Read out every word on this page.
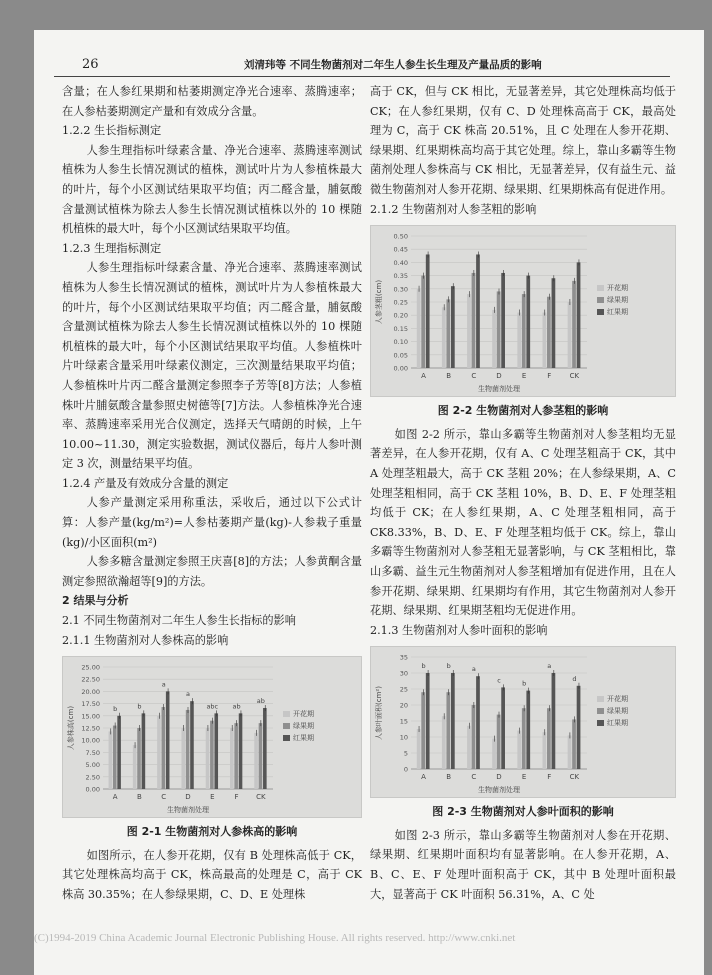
26	刘清玮等 不同生物菌剂对二年生人参生长生理及产量品质的影响

含量；在人参红果期和枯萎期测定净光合速率、蒸腾速率；在人参枯萎期测定产量和有效成分含量。

1.2.2 生长指标测定

人参生理指标叶绿素含量、净光合速率、蒸腾速率测试植株为人参生长情况测试的植株，测试叶片为人参植株最大的叶片，每个小区测试结果取平均值；丙二醛含量，脯氨酸含量测试植株为除去人参生长情况测试植株以外的 10 棵随机植株的最大叶，每个小区测试结果取平均值。

1.2.3 生理指标测定

人参生理指标叶绿素含量、净光合速率、蒸腾速率测试植株为人参生长情况测试的植株，测试叶片为人参植株最大的叶片，每个小区测试结果取平均值；丙二醛含量，脯氨酸含量测试植株为除去人参生长情况测试植株以外的 10 棵随机植株的最大叶，每个小区测试结果取平均值。人参植株叶片叶绿素含量采用叶绿素仪测定，三次测量结果取平均值；人参植株叶片丙二醛含量测定参照李子芳等[8]方法；人参植株叶片脯氨酸含量参照史树德等[7]方法。人参植株净光合速率、蒸腾速率采用光合仪测定，选择天气晴朗的时候，上午 10.00~11.30，测定实验数据，测试仪器后，每片人参叶测定 3 次，测量结果平均值。

1.2.4 产量及有效成分含量的测定

人参产量测定采用称重法，采收后，通过以下公式计算：人参产量(kg/m²)=人参枯萎期产量(kg)-人参栽子重量(kg)/小区面积(m²)

人参多糖含量测定参照王庆喜[8]的方法；人参黄酮含量测定参照欲瀚超等[9]的方法。

2 结果与分析

2.1 不同生物菌剂对二年生人参生长指标的影响

2.1.1 生物菌剂对人参株高的影响

0.00
2.50
5.00
7.50
10.00
12.50
15.00
17.50
20.00
22.50
25.00
b
A
b
B
a
C
a
D
abc
E
ab
F
ab
CK
生物菌剂处理
人参株高(cm)	开花期
绿果期
红果期

图 2-1 生物菌剂对人参株高的影响

如图所示，在人参开花期，仅有 B 处理株高低于 CK，其它处理株高均高于 CK，株高最高的处理是 C，高于 CK 株高 30.35%；在人参绿果期，C、D、E 处理株

高于 CK，但与 CK 相比，无显著差异，其它处理株高均低于 CK；在人参红果期，仅有 C、D 处理株高高于 CK，最高处理为 C，高于 CK 株高 20.51%，且 C 处理在人参开花期、绿果期、红果期株高均高于其它处理。综上，靠山多霸等生物菌剂处理人参株高与 CK 相比，无显著差异，仅有益生元、益微生物菌剂对人参开花期、绿果期、红果期株高有促进作用。

2.1.2 生物菌剂对人参茎粗的影响

0.00
0.05
0.10
0.15
0.20
0.25
0.30
0.35
0.40
0.45
0.50
A	B	C	D	E	F	CK
生物菌剂处理
人参茎粗(cm)	开花期
绿果期
红果期

图 2-2 生物菌剂对人参茎粗的影响

如图 2-2 所示，靠山多霸等生物菌剂对人参茎粗均无显著差异，在人参开花期，仅有 A、C 处理茎粗高于 CK，其中 A 处理茎粗最大，高于 CK 茎粗 20%；在人参绿果期，A、C 处理茎粗相同，高于 CK 茎粗 10%，B、D、E、F 处理茎粗均低于 CK；在人参红果期，A、C 处理茎粗相同，高于 CK8.33%，B、D、E、F 处理茎粗均低于 CK。综上，靠山多霸等生物菌剂对人参茎粗无显著影响，与 CK 茎粗相比，靠山多霸、益生元生物菌剂对人参茎粗增加有促进作用，且在人参开花期、绿果期、红果期均有作用，其它生物菌剂对人参开花期、绿果期、红果期茎粗均无促进作用。

2.1.3 生物菌剂对人参叶面积的影响

0
5
10
15
20
25
30
35
b
A
b
B
a
C
c
D
b
E
a
F
d
CK
生物菌剂处理
人参叶面积(cm²)	开花期
绿果期
红果期

图 2-3 生物菌剂对人参叶面积的影响

如图 2-3 所示，靠山多霸等生物菌剂对人参在开花期、绿果期、红果期叶面积均有显著影响。在人参开花期，A、B、C、E、F 处理叶面积高于 CK，其中 B 处理叶面积最大，显著高于 CK 叶面积 56.31%，A、C 处

(C)1994-2019 China Academic Journal Electronic Publishing House. All rights reserved. http://www.cnki.net
